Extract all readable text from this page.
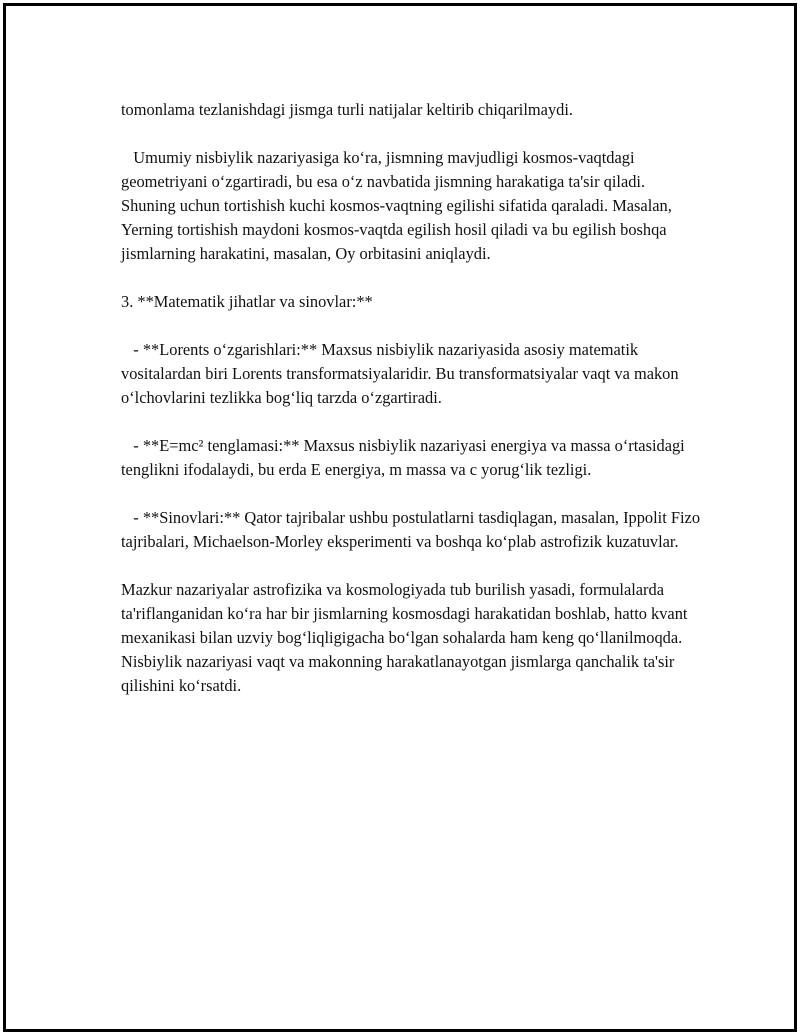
tomonlama tezlanishdagi jismga turli natijalar keltirib chiqarilmaydi.

Umumiy nisbiylik nazariyasiga ko‘ra, jismning mavjudligi kosmos-vaqtdagi geometriyani o‘zgartiradi, bu esa o‘z navbatida jismning harakatiga ta'sir qiladi. Shuning uchun tortishish kuchi kosmos-vaqtning egilishi sifatida qaraladi. Masalan, Yerning tortishish maydoni kosmos-vaqtda egilish hosil qiladi va bu egilish boshqa jismlarning harakatini, masalan, Oy orbitasini aniqlaydi.

3. **Matematik jihatlar va sinovlar:**

- **Lorents o‘zgarishlari:** Maxsus nisbiylik nazariyasida asosiy matematik vositalardan biri Lorents transformatsiyalaridir. Bu transformatsiyalar vaqt va makon o‘lchovlarini tezlikka bog‘liq tarzda o‘zgartiradi.

- **E=mc² tenglamasi:** Maxsus nisbiylik nazariyasi energiya va massa o‘rtasidagi tenglikni ifodalaydi, bu erda E energiya, m massa va c yorug‘lik tezligi.

- **Sinovlari:** Qator tajribalar ushbu postulatlarni tasdiqlagan, masalan, Ippolit Fizo tajribalari, Michaelson-Morley eksperimenti va boshqa ko‘plab astrofizik kuzatuvlar.

Mazkur nazariyalar astrofizika va kosmologiyada tub burilish yasadi, formulalarda ta'riflanganidan ko‘ra har bir jismlarning kosmosdagi harakatidan boshlab, hatto kvant mexanikasi bilan uzviy bog‘liqligigacha bo‘lgan sohalarda ham keng qo‘llanilmoqda. Nisbiylik nazariyasi vaqt va makonning harakatlanayotgan jismlarga qanchalik ta'sir qilishini ko‘rsatdi.
